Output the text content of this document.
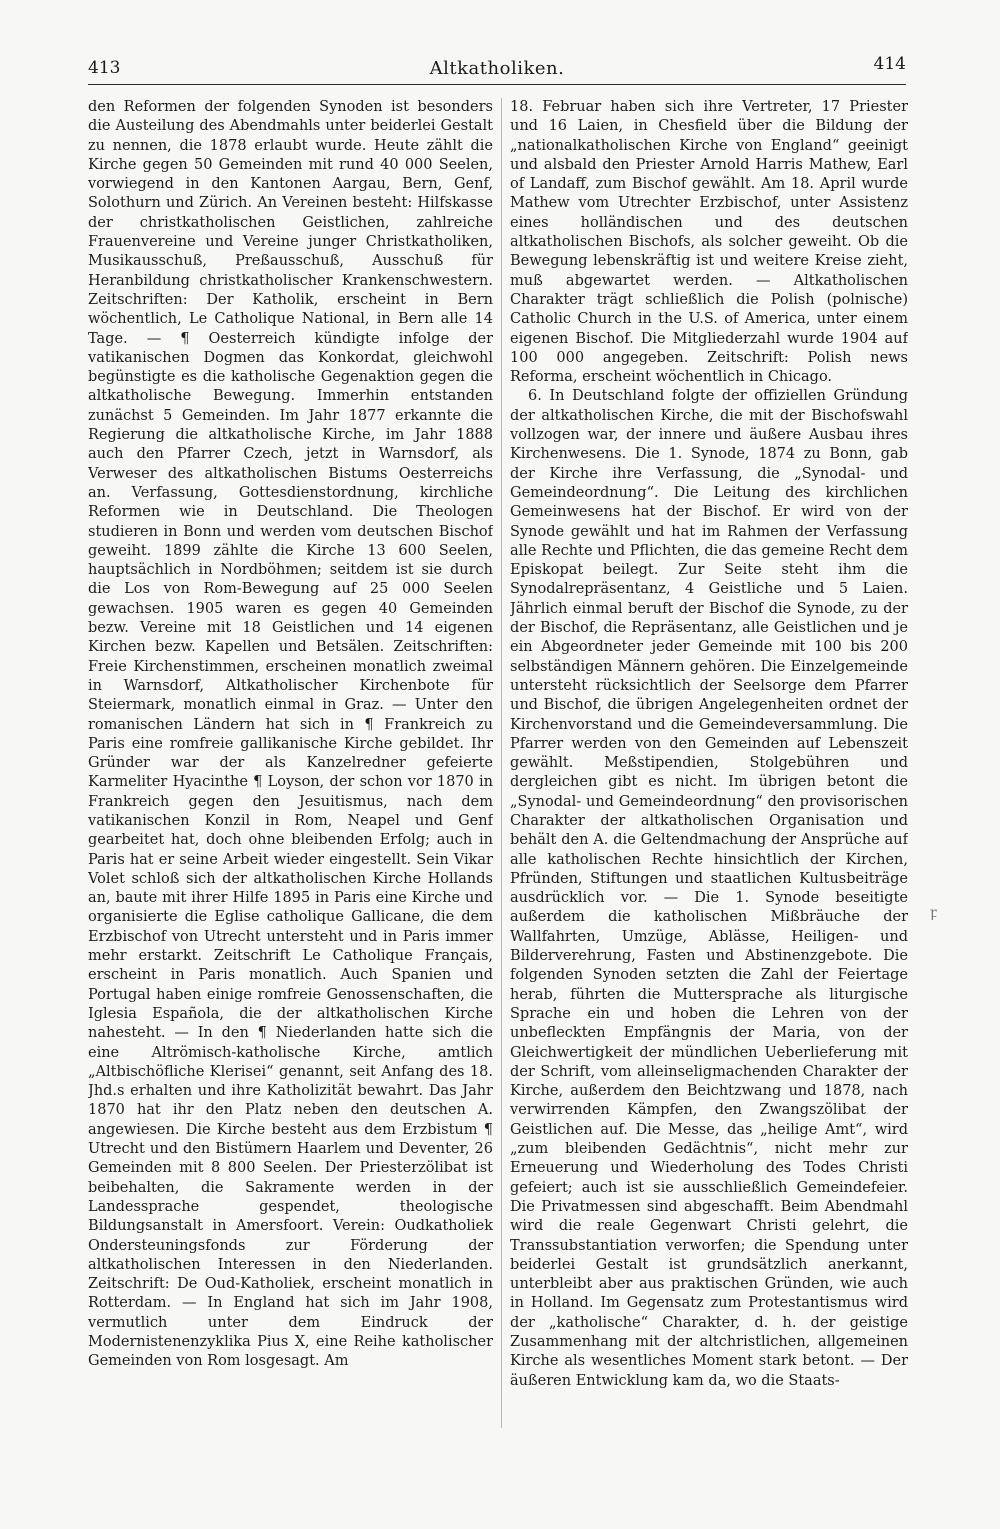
413	Altkatholiken.	414

den Reformen der folgenden Synoden ist besonders die Austeilung des Abendmahls unter beiderlei Gestalt zu nennen, die 1878 erlaubt wurde. Heute zählt die Kirche gegen 50 Gemeinden mit rund 40 000 Seelen, vorwiegend in den Kantonen Aargau, Bern, Genf, Solothurn und Zürich. An Vereinen besteht: Hilfskasse der christkatholischen Geistlichen, zahlreiche Frauenvereine und Vereine junger Christkatholiken, Musikausschuß, Preßausschuß, Ausschuß für Heranbildung christkatholischer Krankenschwestern. Zeitschriften: Der Katholik, erscheint in Bern wöchentlich, Le Catholique National, in Bern alle 14 Tage. — ¶ Oesterreich kündigte infolge der vatikanischen Dogmen das Konkordat, gleichwohl begünstigte es die katholische Gegenaktion gegen die altkatholische Bewegung. Immerhin entstanden zunächst 5 Gemeinden. Im Jahr 1877 erkannte die Regierung die altkatholische Kirche, im Jahr 1888 auch den Pfarrer Czech, jetzt in Warnsdorf, als Verweser des altkatholischen Bistums Oesterreichs an. Verfassung, Gottesdienstordnung, kirchliche Reformen wie in Deutschland. Die Theologen studieren in Bonn und werden vom deutschen Bischof geweiht. 1899 zählte die Kirche 13 600 Seelen, hauptsächlich in Nordböhmen; seitdem ist sie durch die Los von Rom-Bewegung auf 25 000 Seelen gewachsen. 1905 waren es gegen 40 Gemeinden bezw. Vereine mit 18 Geistlichen und 14 eigenen Kirchen bezw. Kapellen und Betsälen. Zeitschriften: Freie Kirchenstimmen, erscheinen monatlich zweimal in Warnsdorf, Altkatholischer Kirchenbote für Steiermark, monatlich einmal in Graz. — Unter den romanischen Ländern hat sich in ¶ Frankreich zu Paris eine romfreie gallikanische Kirche gebildet. Ihr Gründer war der als Kanzelredner gefeierte Karmeliter Hyacinthe ¶ Loyson, der schon vor 1870 in Frankreich gegen den Jesuitismus, nach dem vatikanischen Konzil in Rom, Neapel und Genf gearbeitet hat, doch ohne bleibenden Erfolg; auch in Paris hat er seine Arbeit wieder eingestellt. Sein Vikar Volet schloß sich der altkatholischen Kirche Hollands an, baute mit ihrer Hilfe 1895 in Paris eine Kirche und organisierte die Eglise catholique Gallicane, die dem Erzbischof von Utrecht untersteht und in Paris immer mehr erstarkt. Zeitschrift Le Catholique Français, erscheint in Paris monatlich. Auch Spanien und Portugal haben einige romfreie Genossenschaften, die Iglesia Española, die der altkatholischen Kirche nahesteht. — In den ¶ Niederlanden hatte sich die eine Altrömisch-katholische Kirche, amtlich „Altbischöfliche Klerisei“ genannt, seit Anfang des 18. Jhd.s erhalten und ihre Katholizität bewahrt. Das Jahr 1870 hat ihr den Platz neben den deutschen A. angewiesen. Die Kirche besteht aus dem Erzbistum ¶ Utrecht und den Bistümern Haarlem und Deventer, 26 Gemeinden mit 8 800 Seelen. Der Priesterzölibat ist beibehalten, die Sakramente werden in der Landessprache gespendet, theologische Bildungsanstalt in Amersfoort. Verein: Oudkatholiek Ondersteuningsfonds zur Förderung der altkatholischen Interessen in den Niederlanden. Zeitschrift: De Oud-Katholiek, erscheint monatlich in Rotterdam. — In England hat sich im Jahr 1908, vermutlich unter dem Eindruck der Modernistenenzyklika Pius X, eine Reihe katholischer Gemeinden von Rom losgesagt. Am

18. Februar haben sich ihre Vertreter, 17 Priester und 16 Laien, in Chesfield über die Bildung der „nationalkatholischen Kirche von England“ geeinigt und alsbald den Priester Arnold Harris Mathew, Earl of Landaff, zum Bischof gewählt. Am 18. April wurde Mathew vom Utrechter Erzbischof, unter Assistenz eines holländischen und des deutschen altkatholischen Bischofs, als solcher geweiht. Ob die Bewegung lebenskräftig ist und weitere Kreise zieht, muß abgewartet werden. — Altkatholischen Charakter trägt schließlich die Polish (polnische) Catholic Church in the U.S. of America, unter einem eigenen Bischof. Die Mitgliederzahl wurde 1904 auf 100 000 angegeben. Zeitschrift: Polish news Reforma, erscheint wöchentlich in Chicago.

6. In Deutschland folgte der offiziellen Gründung der altkatholischen Kirche, die mit der Bischofswahl vollzogen war, der innere und äußere Ausbau ihres Kirchenwesens. Die 1. Synode, 1874 zu Bonn, gab der Kirche ihre Verfassung, die „Synodal- und Gemeindeordnung“. Die Leitung des kirchlichen Gemeinwesens hat der Bischof. Er wird von der Synode gewählt und hat im Rahmen der Verfassung alle Rechte und Pflichten, die das gemeine Recht dem Episkopat beilegt. Zur Seite steht ihm die Synodalrepräsentanz, 4 Geistliche und 5 Laien. Jährlich einmal beruft der Bischof die Synode, zu der der Bischof, die Repräsentanz, alle Geistlichen und je ein Abgeordneter jeder Gemeinde mit 100 bis 200 selbständigen Männern gehören. Die Einzelgemeinde untersteht rücksichtlich der Seelsorge dem Pfarrer und Bischof, die übrigen Angelegenheiten ordnet der Kirchenvorstand und die Gemeindeversammlung. Die Pfarrer werden von den Gemeinden auf Lebenszeit gewählt. Meßstipendien, Stolgebühren und dergleichen gibt es nicht. Im übrigen betont die „Synodal- und Gemeindeordnung“ den provisorischen Charakter der altkatholischen Organisation und behält den A. die Geltendmachung der Ansprüche auf alle katholischen Rechte hinsichtlich der Kirchen, Pfründen, Stiftungen und staatlichen Kultusbeiträge ausdrücklich vor. — Die 1. Synode beseitigte außerdem die katholischen Mißbräuche der Wallfahrten, Umzüge, Ablässe, Heiligen- und Bilderverehrung, Fasten und Abstinenzgebote. Die folgenden Synoden setzten die Zahl der Feiertage herab, führten die Muttersprache als liturgische Sprache ein und hoben die Lehren von der unbefleckten Empfängnis der Maria, von der Gleichwertigkeit der mündlichen Ueberlieferung mit der Schrift, vom alleinseligmachenden Charakter der Kirche, außerdem den Beichtzwang und 1878, nach verwirrenden Kämpfen, den Zwangszölibat der Geistlichen auf. Die Messe, das „heilige Amt“, wird „zum bleibenden Gedächtnis“, nicht mehr zur Erneuerung und Wiederholung des Todes Christi gefeiert; auch ist sie ausschließlich Gemeindefeier. Die Privatmessen sind abgeschafft. Beim Abendmahl wird die reale Gegenwart Christi gelehrt, die Transsubstantiation verworfen; die Spendung unter beiderlei Gestalt ist grundsätzlich anerkannt, unterbleibt aber aus praktischen Gründen, wie auch in Holland. Im Gegensatz zum Protestantismus wird der „katholische“ Charakter, d. h. der geistige Zusammenhang mit der altchristlichen, allgemeinen Kirche als wesentliches Moment stark betont. — Der äußeren Entwicklung kam da, wo die Staats-

ꝼ
